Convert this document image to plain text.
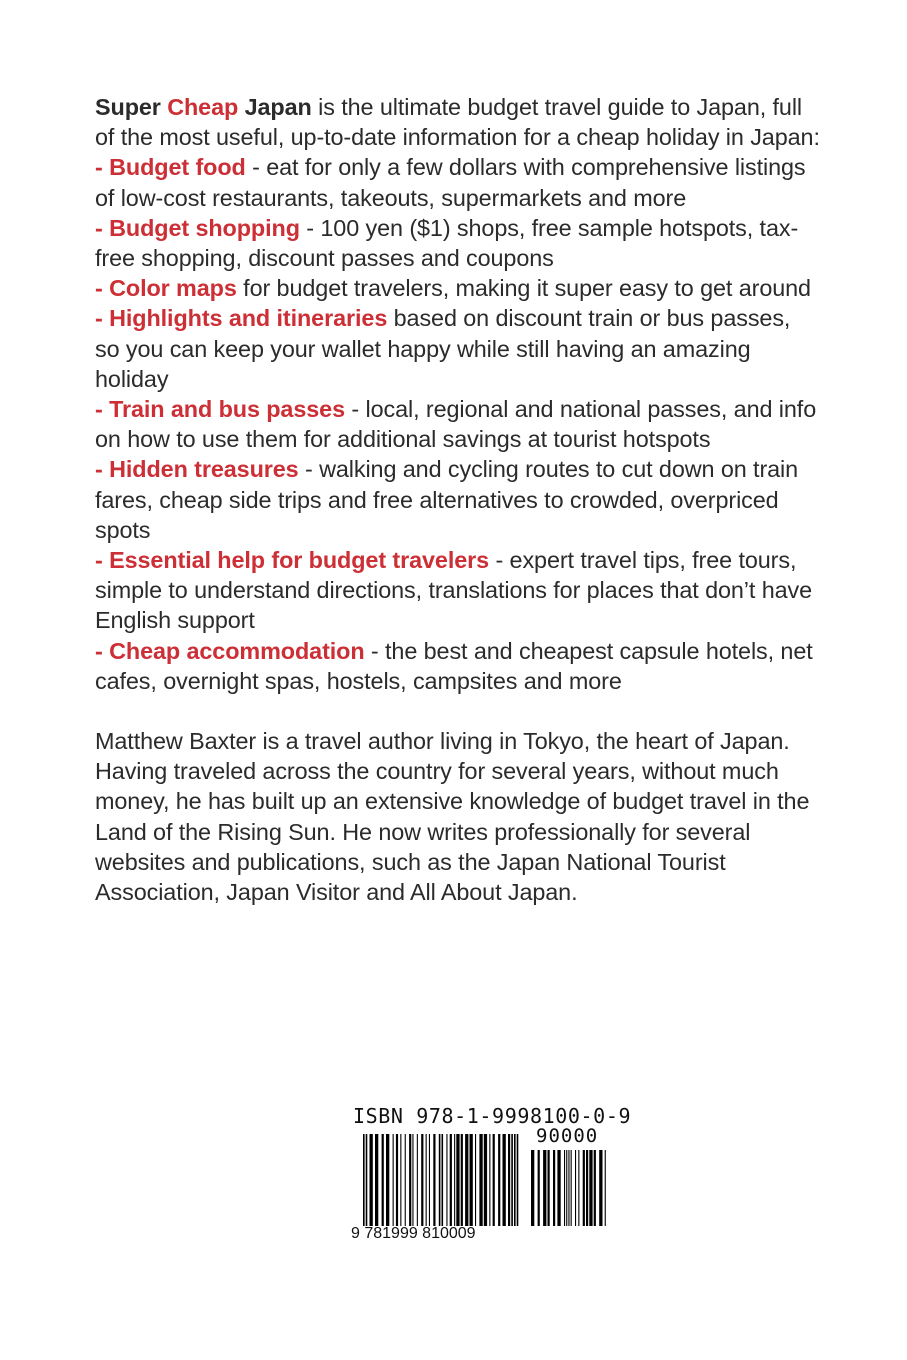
Super Cheap Japan is the ultimate budget travel guide to Japan, full of the most useful, up-to-date information for a cheap holiday in Japan:

- Budget food - eat for only a few dollars with comprehensive listings of low-cost restaurants, takeouts, supermarkets and more
- Budget shopping - 100 yen ($1) shops, free sample hotspots, tax-free shopping, discount passes and coupons
- Color maps for budget travelers, making it super easy to get around
- Highlights and itineraries based on discount train or bus passes, so you can keep your wallet happy while still having an amazing holiday
- Train and bus passes - local, regional and national passes, and info on how to use them for additional savings at tourist hotspots
- Hidden treasures - walking and cycling routes to cut down on train fares, cheap side trips and free alternatives to crowded, overpriced spots
- Essential help for budget travelers - expert travel tips, free tours, simple to understand directions, translations for places that don’t have English support
- Cheap accommodation - the best and cheapest capsule hotels, net cafes, overnight spas, hostels, campsites and more

Matthew Baxter is a travel author living in Tokyo, the heart of Japan. Having traveled across the country for several years, without much money, he has built up an extensive knowledge of budget travel in the Land of the Rising Sun. He now writes professionally for several websites and publications, such as the Japan National Tourist Association, Japan Visitor and All About Japan.

ISBN 978-1-9998100-0-9
90000
9 781999 810009
